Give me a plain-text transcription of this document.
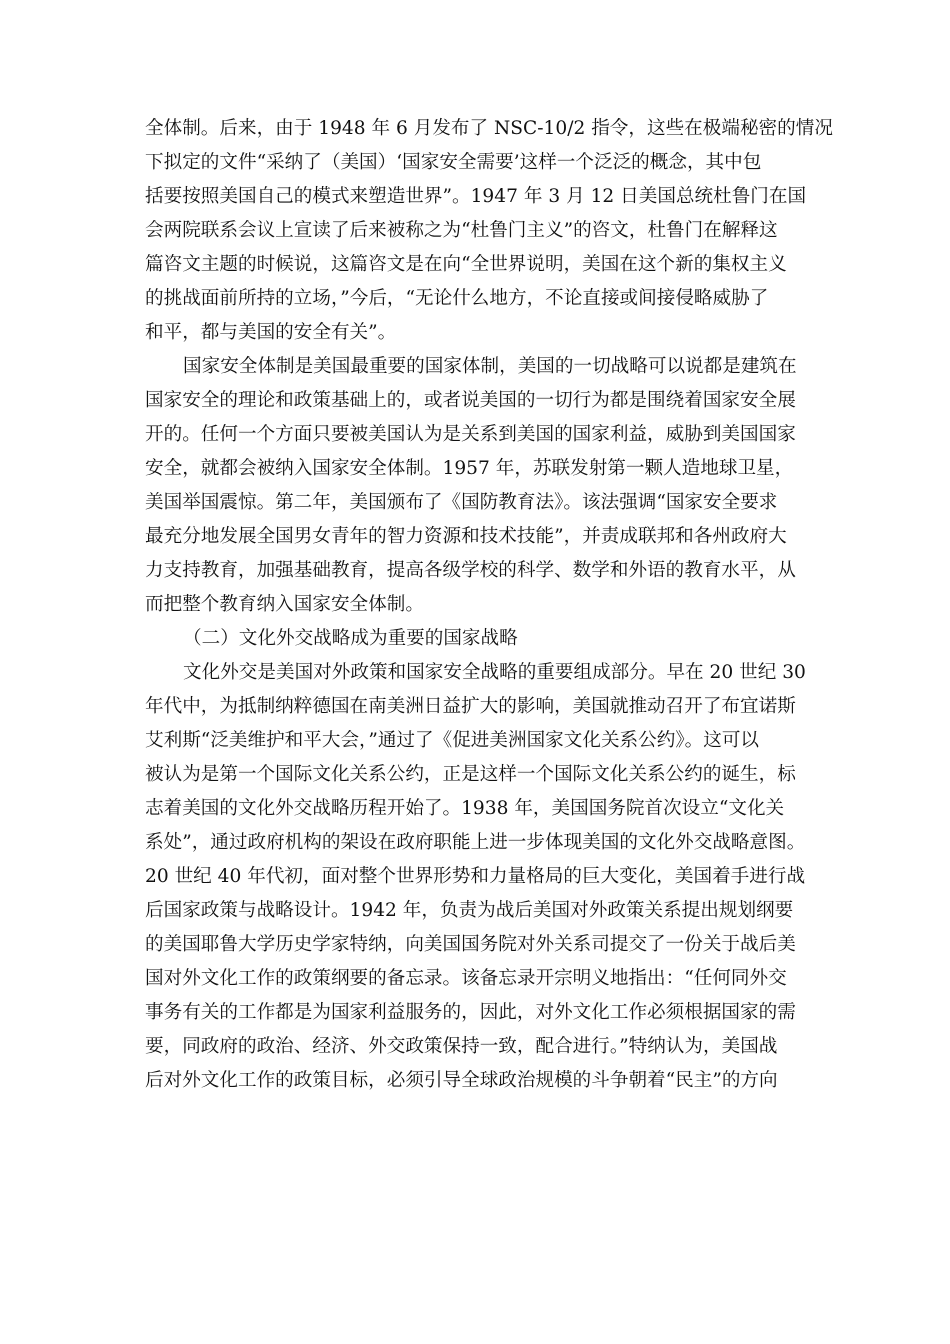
全体制。后来，由于 1948 年 6 月发布了 NSC-10/2 指令，这些在极端秘密的情况
下拟定的文件“采纳了（美国）‘国家安全需要’这样一个泛泛的概念，其中包
括要按照美国自己的模式来塑造世界”。1947 年 3 月 12 日美国总统杜鲁门在国
会两院联系会议上宣读了后来被称之为“杜鲁门主义”的咨文，杜鲁门在解释这
篇咨文主题的时候说，这篇咨文是在向“全世界说明，美国在这个新的集权主义
的挑战面前所持的立场，”今后，“无论什么地方，不论直接或间接侵略威胁了
和平，都与美国的安全有关”。
国家安全体制是美国最重要的国家体制，美国的一切战略可以说都是建筑在
国家安全的理论和政策基础上的，或者说美国的一切行为都是围绕着国家安全展
开的。任何一个方面只要被美国认为是关系到美国的国家利益，威胁到美国国家
安全，就都会被纳入国家安全体制。1957 年，苏联发射第一颗人造地球卫星，
美国举国震惊。第二年，美国颁布了《国防教育法》。该法强调“国家安全要求
最充分地发展全国男女青年的智力资源和技术技能”，并责成联邦和各州政府大
力支持教育，加强基础教育，提高各级学校的科学、数学和外语的教育水平，从
而把整个教育纳入国家安全体制。
（二）文化外交战略成为重要的国家战略
文化外交是美国对外政策和国家安全战略的重要组成部分。早在 20 世纪 30
年代中，为抵制纳粹德国在南美洲日益扩大的影响，美国就推动召开了布宜诺斯
艾利斯“泛美维护和平大会，”通过了《促进美洲国家文化关系公约》。这可以
被认为是第一个国际文化关系公约，正是这样一个国际文化关系公约的诞生，标
志着美国的文化外交战略历程开始了。1938 年，美国国务院首次设立“文化关
系处”，通过政府机构的架设在政府职能上进一步体现美国的文化外交战略意图。
20 世纪 40 年代初，面对整个世界形势和力量格局的巨大变化，美国着手进行战
后国家政策与战略设计。1942 年，负责为战后美国对外政策关系提出规划纲要
的美国耶鲁大学历史学家特纳，向美国国务院对外关系司提交了一份关于战后美
国对外文化工作的政策纲要的备忘录。该备忘录开宗明义地指出：“任何同外交
事务有关的工作都是为国家利益服务的，因此，对外文化工作必须根据国家的需
要，同政府的政治、经济、外交政策保持一致，配合进行。”特纳认为，美国战
后对外文化工作的政策目标，必须引导全球政治规模的斗争朝着“民主”的方向
